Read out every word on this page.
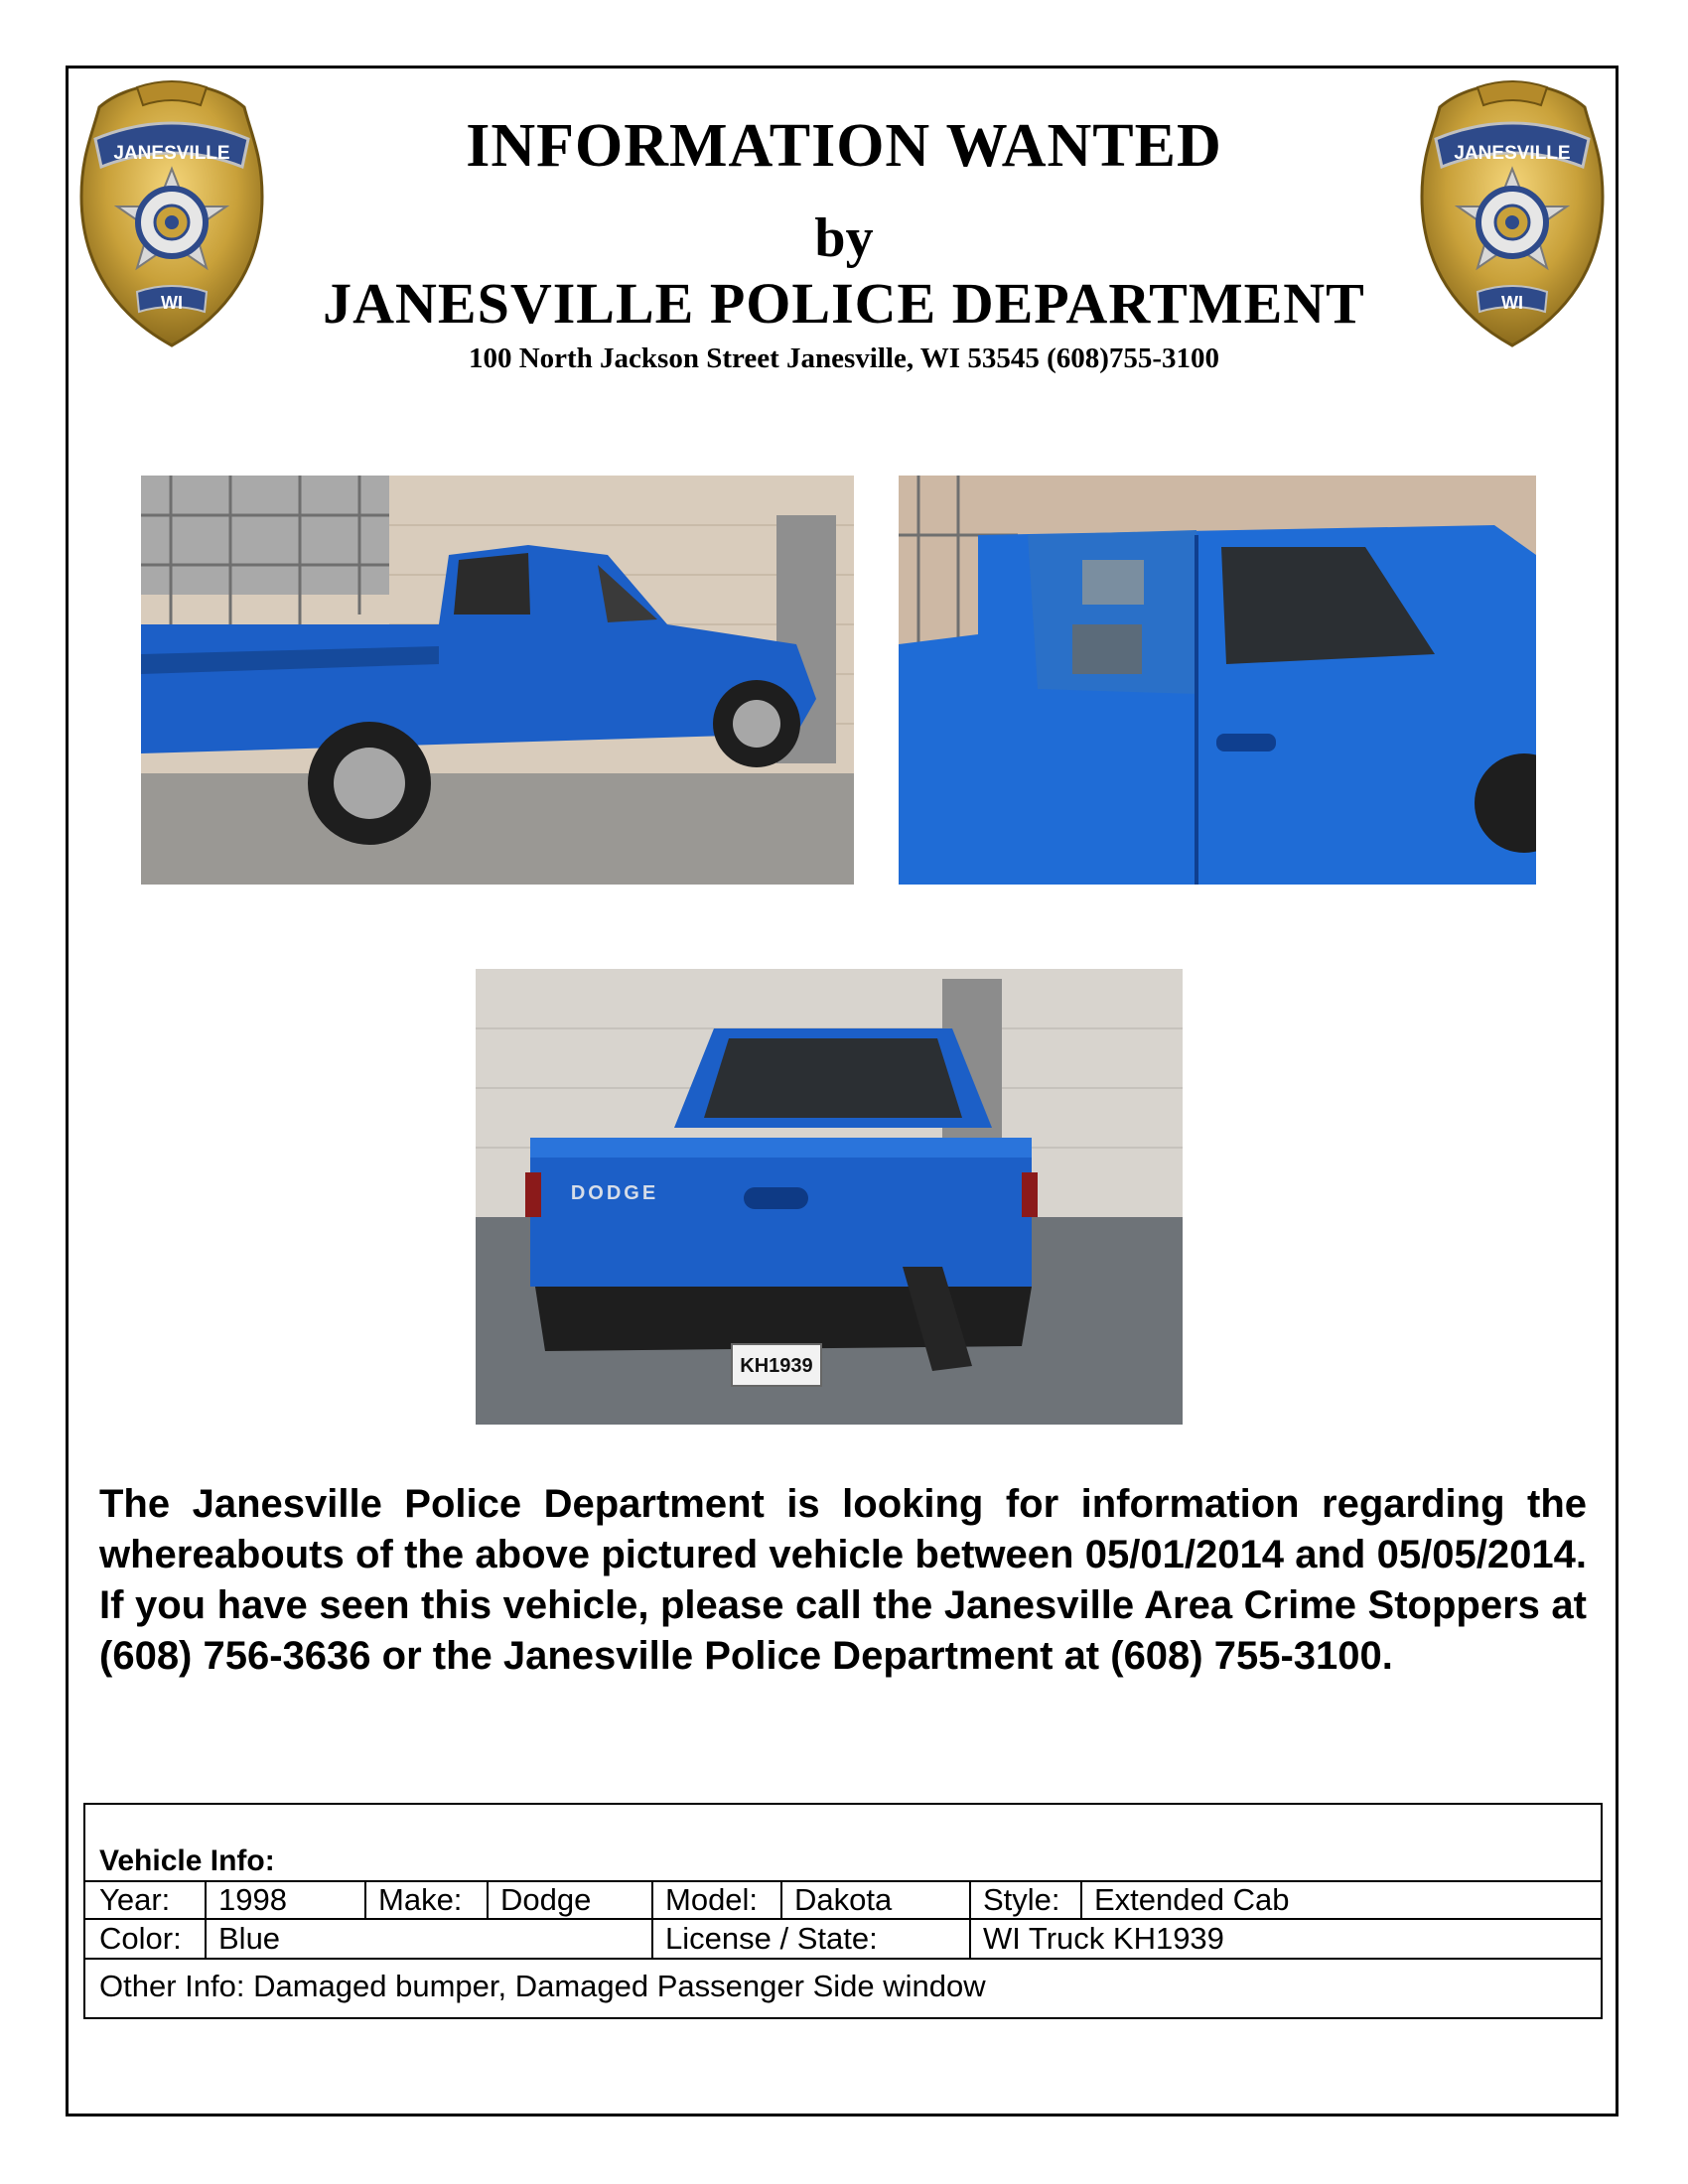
JANESVILLE
WI
JANESVILLE
WI
INFORMATION WANTED
by
JANESVILLE POLICE DEPARTMENT
100 North Jackson Street Janesville, WI 53545 (608)755-3100
DODGE
KH1939

The Janesville Police Department is looking for information regarding the whereabouts of the above pictured vehicle between 05/01/2014 and 05/05/2014. If you have seen this vehicle, please call the Janesville Area Crime Stoppers at (608) 756-3636 or the Janesville Police Department at (608) 755-3100.

Vehicle Info:
Year: 1998	Make: Dodge Model: Dakota	Style: Extended Cab
Color: Blue	License / State:	WI Truck KH1939
Other Info: Damaged bumper, Damaged Passenger Side window
